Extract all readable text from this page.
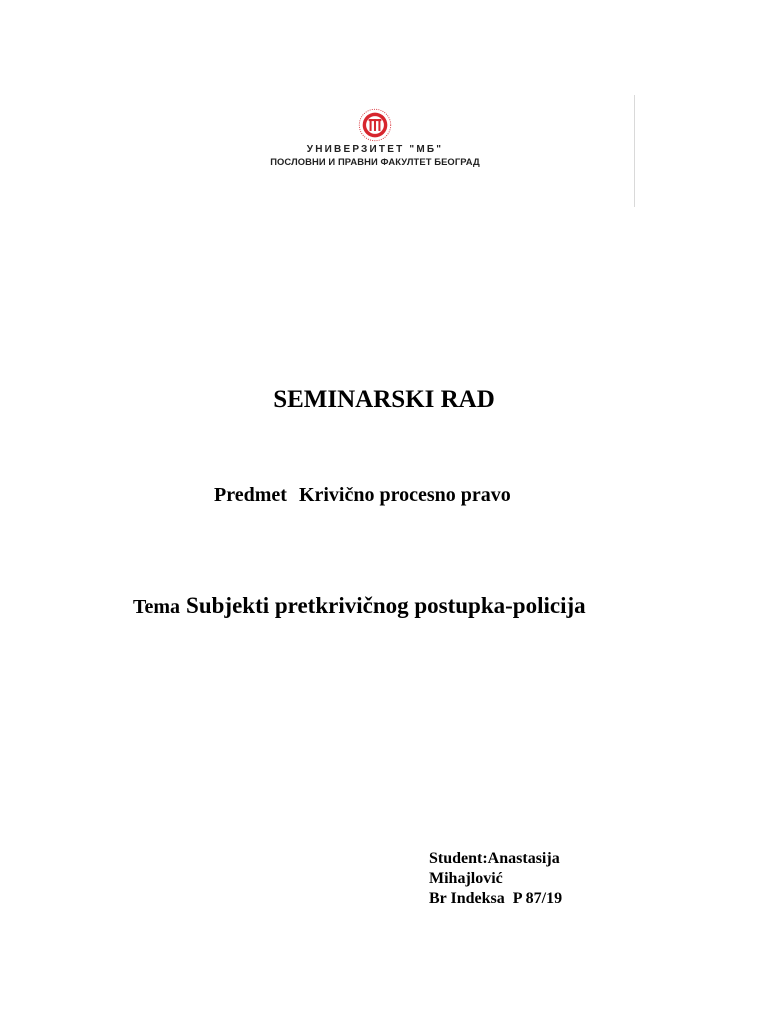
УНИВЕРЗИТЕТ "МБ"
ПОСЛОВНИ И ПРАВНИ ФАКУЛТЕТ БЕОГРАД
SEMINARSKI RAD
Predmet Krivično procesno pravo
Tema Subjekti pretkrivičnog postupka-policija
Student:Anastasija
Mihajlović
Br Indeksa  P 87/19
